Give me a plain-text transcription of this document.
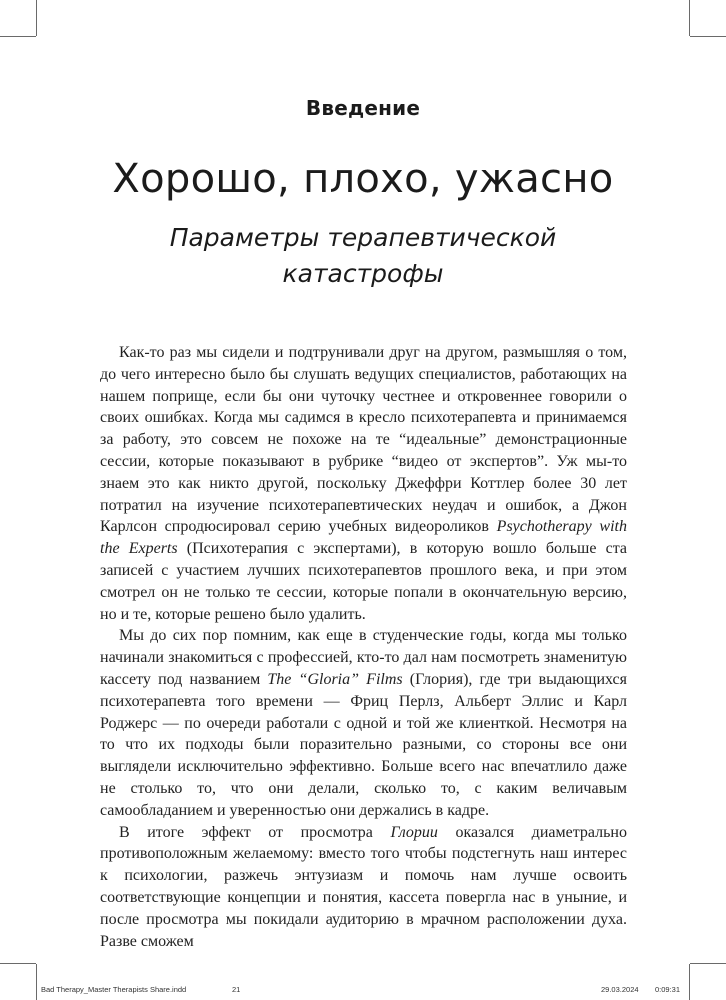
Введение
Хорошо, плохо, ужасно
Параметры терапевтической катастрофы

Как-то раз мы сидели и подтрунивали друг на другом, размышляя о том, до чего интересно было бы слушать ведущих специалистов, работающих на нашем поприще, если бы они чуточку честнее и откровеннее говорили о своих ошибках. Когда мы садимся в кресло психотерапевта и принимаемся за работу, это совсем не похоже на те “идеальные” демонстрационные сессии, которые показывают в рубрике “видео от экспертов”. Уж мы-то знаем это как никто другой, поскольку Джеффри Коттлер более 30 лет потратил на изучение психотерапевтических неудач и ошибок, а Джон Карлсон спродюсировал серию учебных видеороликов Psychotherapy with the Experts (Психотерапия с экспертами), в которую вошло больше ста записей с участием лучших психотерапевтов прошлого века, и при этом смотрел он не только те сессии, которые попали в окончательную версию, но и те, которые решено было удалить.

Мы до сих пор помним, как еще в студенческие годы, когда мы только начинали знакомиться с профессией, кто-то дал нам посмотреть знаменитую кассету под названием The “Gloria” Films (Глория), где три выдающихся психотерапевта того времени — Фриц Перлз, Альберт Эллис и Карл Роджерс — по очереди работали с одной и той же клиенткой. Несмотря на то что их подходы были поразительно разными, со стороны все они выглядели исключительно эффективно. Больше всего нас впечатлило даже не столько то, что они делали, сколько то, с каким величавым самообладанием и уверенностью они держались в кадре.

В итоге эффект от просмотра Глории оказался диаметрально противоположным желаемому: вместо того чтобы подстегнуть наш интерес к психологии, разжечь энтузиазм и помочь нам лучше освоить соответствующие концепции и понятия, кассета повергла нас в уныние, и после просмотра мы покидали аудиторию в мрачном расположении духа. Разве сможем

Bad Therapy_Master Therapists Share.indd	21	29.03.2024 0:09:31
